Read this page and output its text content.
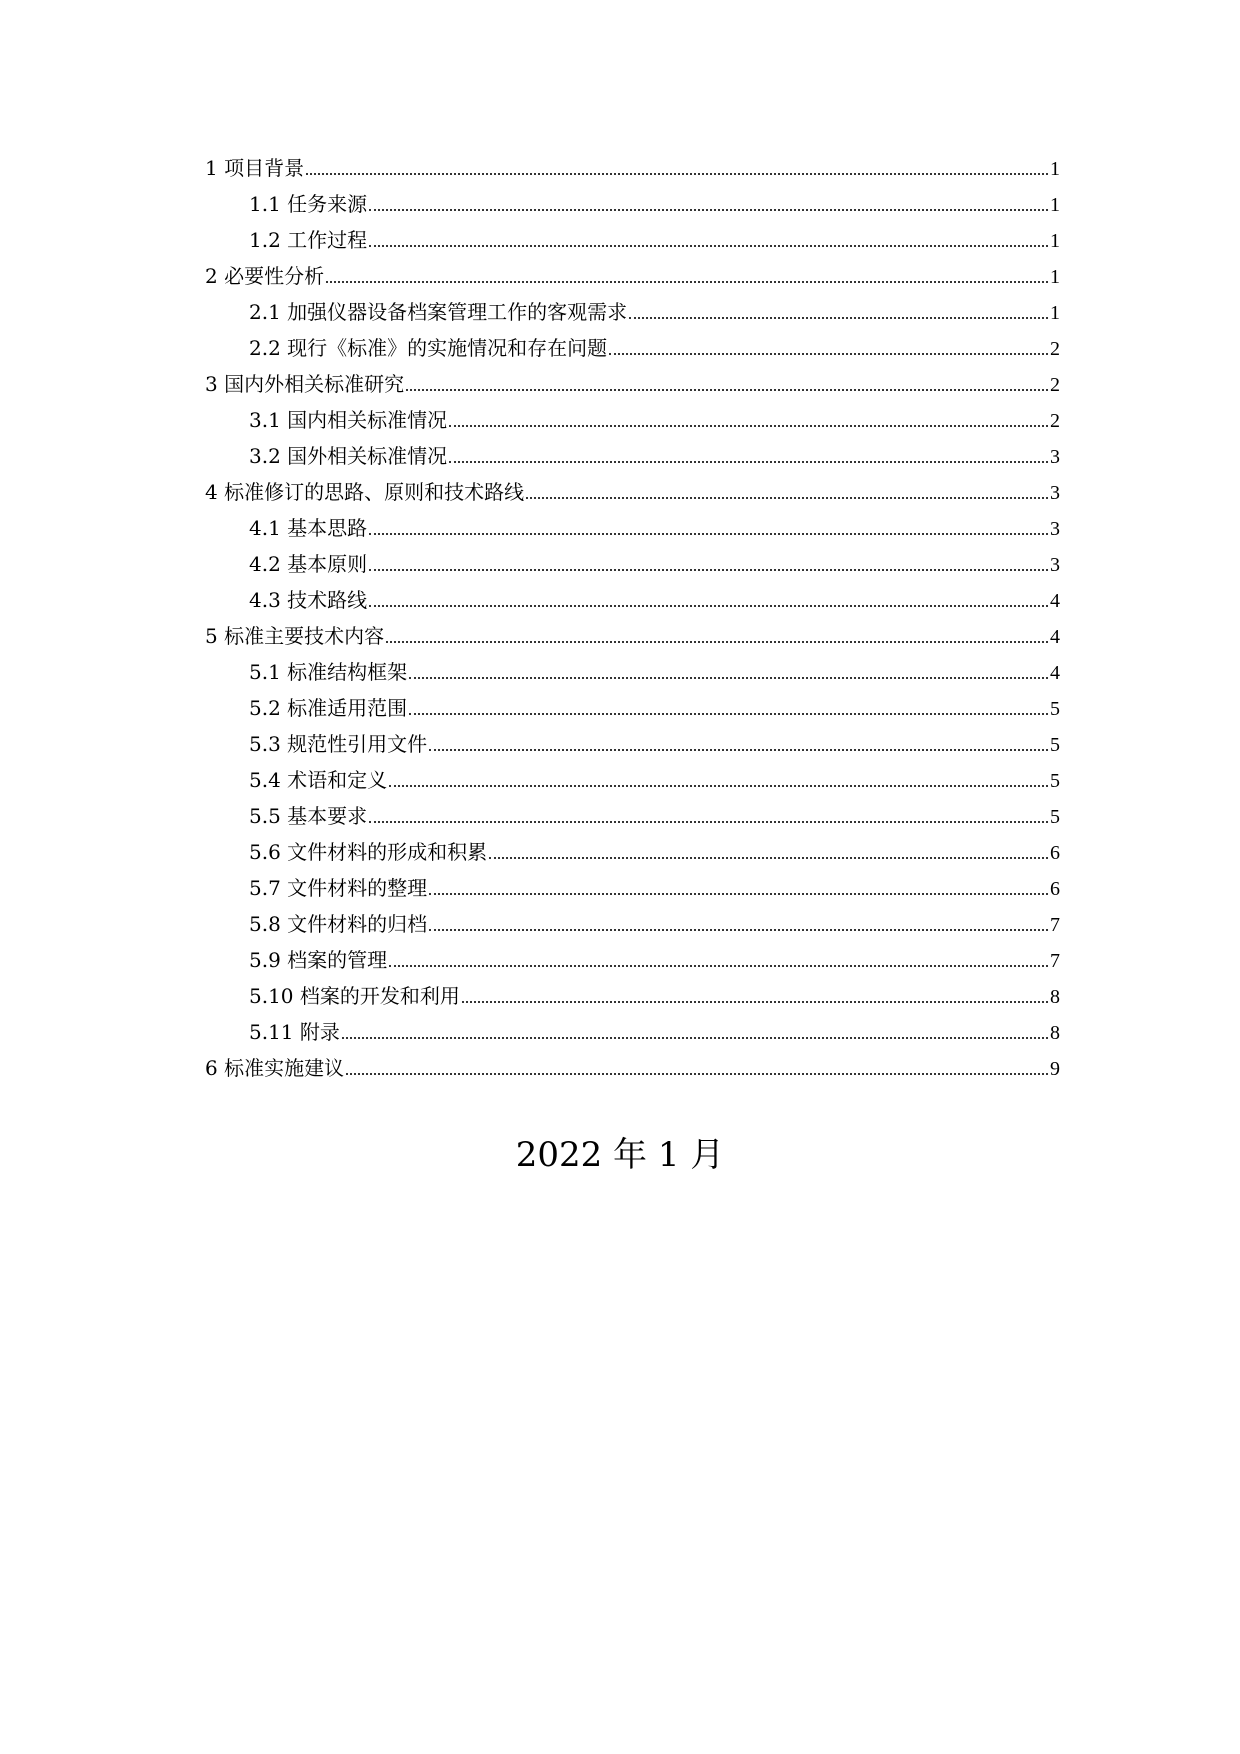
1 项目背景	1
1.1 任务来源	1
1.2 工作过程	1
2 必要性分析	1
2.1 加强仪器设备档案管理工作的客观需求	1
2.2 现行《标准》的实施情况和存在问题	2
3 国内外相关标准研究	2
3.1 国内相关标准情况	2
3.2 国外相关标准情况	3
4 标准修订的思路、原则和技术路线	3
4.1 基本思路	3
4.2 基本原则	3
4.3 技术路线	4
5 标准主要技术内容	4
5.1 标准结构框架	4
5.2 标准适用范围	5
5.3 规范性引用文件	5
5.4 术语和定义	5
5.5 基本要求	5
5.6 文件材料的形成和积累	6
5.7 文件材料的整理	6
5.8 文件材料的归档	7
5.9 档案的管理	7
5.10 档案的开发和利用	8
5.11 附录	8
6 标准实施建议	9
2022 年 1 月
